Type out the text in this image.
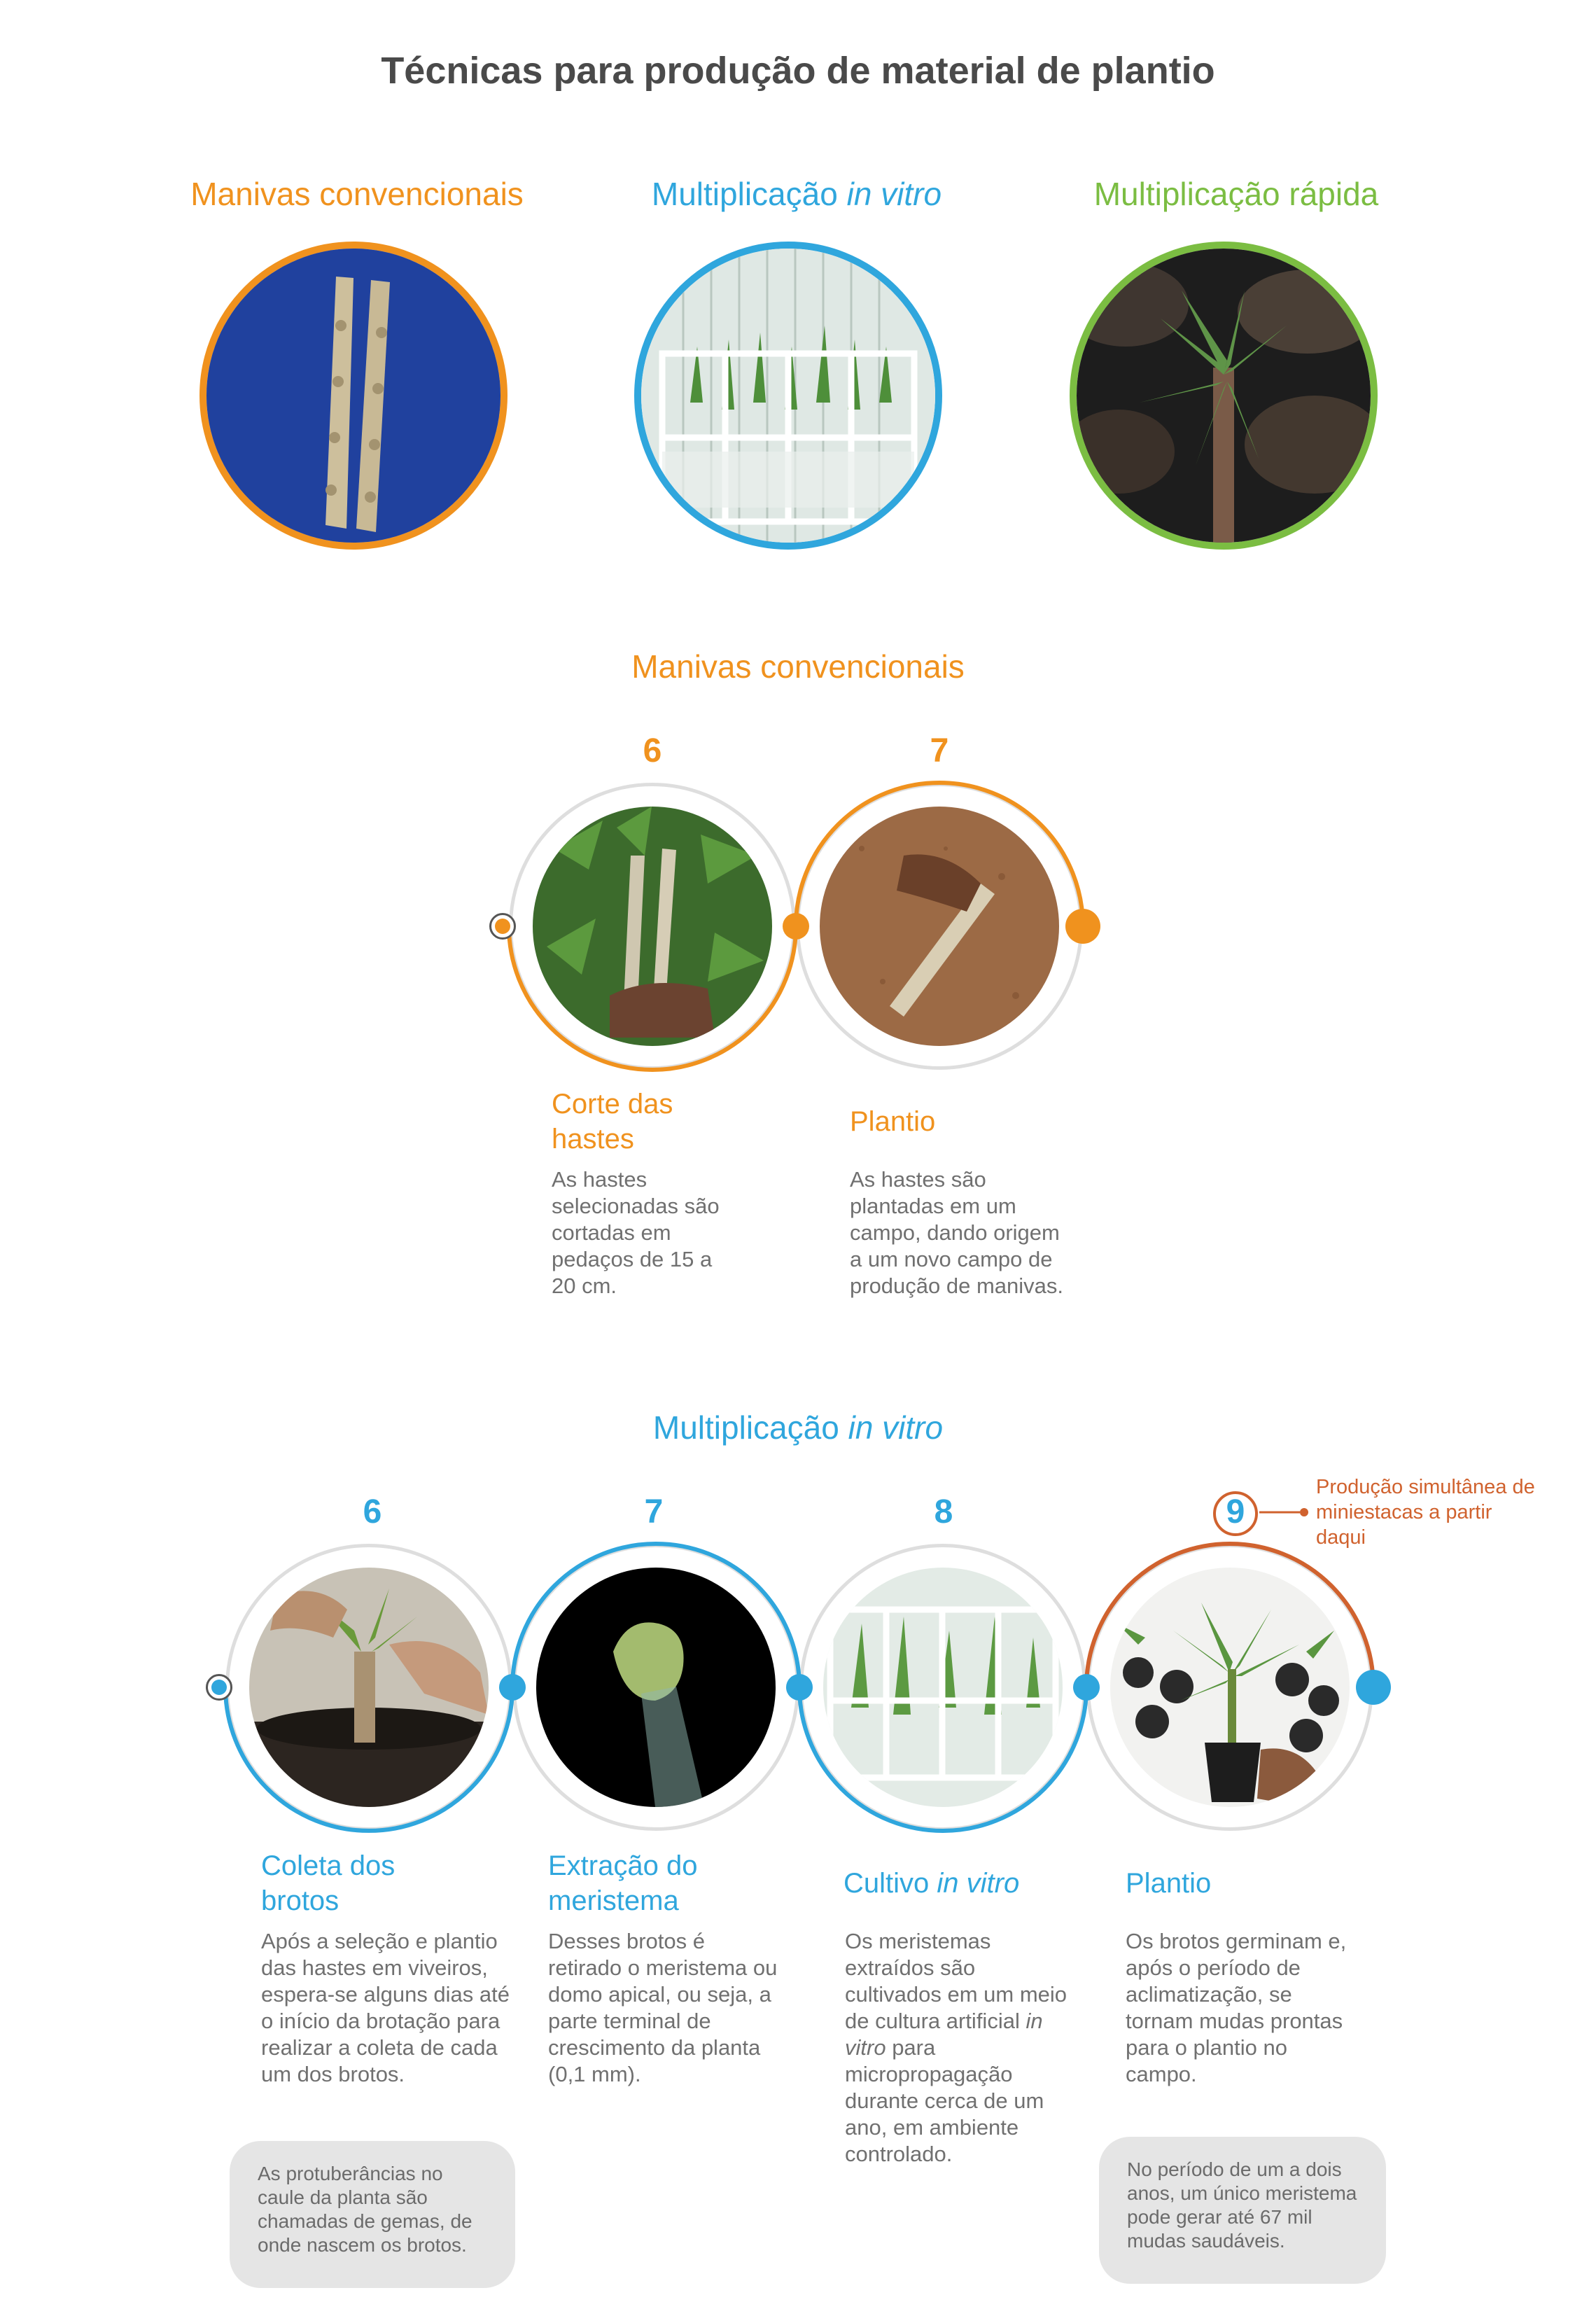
Técnicas para produção de material de plantio
Manivas convencionais	Multiplicação in vitro	Multiplicação rápida
Manivas convencionais
6	7
Corte das hastes
As hastes selecionadas são cortadas em pedaços de 15 a 20 cm.
Plantio
As hastes são plantadas em um campo, dando origem a um novo campo de produção de manivas.
Multiplicação in vitro
6	7	8	9
Produção simultânea de miniestacas a partir daqui
Coleta dos brotos
Após a seleção e plantio das hastes em viveiros, espera-se alguns dias até o início da brotação para realizar a coleta de cada um dos brotos.
Extração do meristema
Desses brotos é retirado o meristema ou domo apical, ou seja, a parte terminal de crescimento da planta (0,1 mm).
Cultivo in vitro
Os meristemas extraídos são cultivados em um meio de cultura artificial in vitro para micropropagação durante cerca de um ano, em ambiente controlado.
Plantio
Os brotos germinam e, após o período de aclimatização, se tornam mudas prontas para o plantio no campo.
As protuberâncias no caule da planta são chamadas de gemas, de onde nascem os brotos.
No período de um a dois anos, um único meristema pode gerar até 67 mil mudas saudáveis.
